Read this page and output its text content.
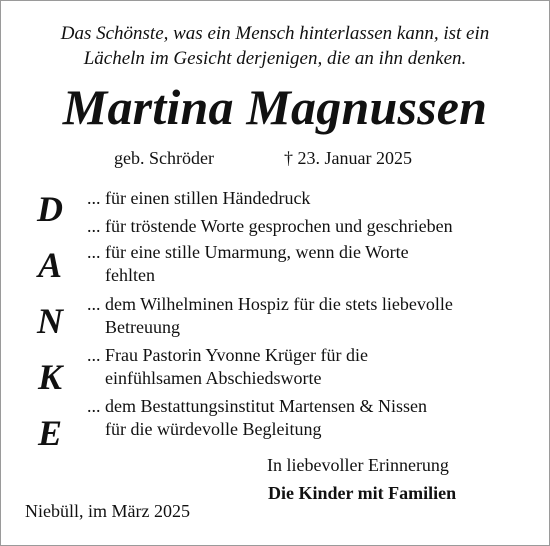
Das Schönste, was ein Mensch hinterlassen kann, ist ein
Lächeln im Gesicht derjenigen, die an ihn denken.
Martina Magnussen
geb. Schröder	† 23. Januar 2025
D
A
N
K
E
... für einen stillen Händedruck
... für tröstende Worte gesprochen und geschrieben
... für eine stille Umarmung, wenn die Worte
fehlten
... dem Wilhelminen Hospiz für die stets liebevolle
Betreuung
... Frau Pastorin Yvonne Krüger für die
einfühlsamen Abschiedsworte
... dem Bestattungsinstitut Martensen & Nissen
für die würdevolle Begleitung
In liebevoller Erinnerung
Die Kinder mit Familien
Niebüll, im März 2025
